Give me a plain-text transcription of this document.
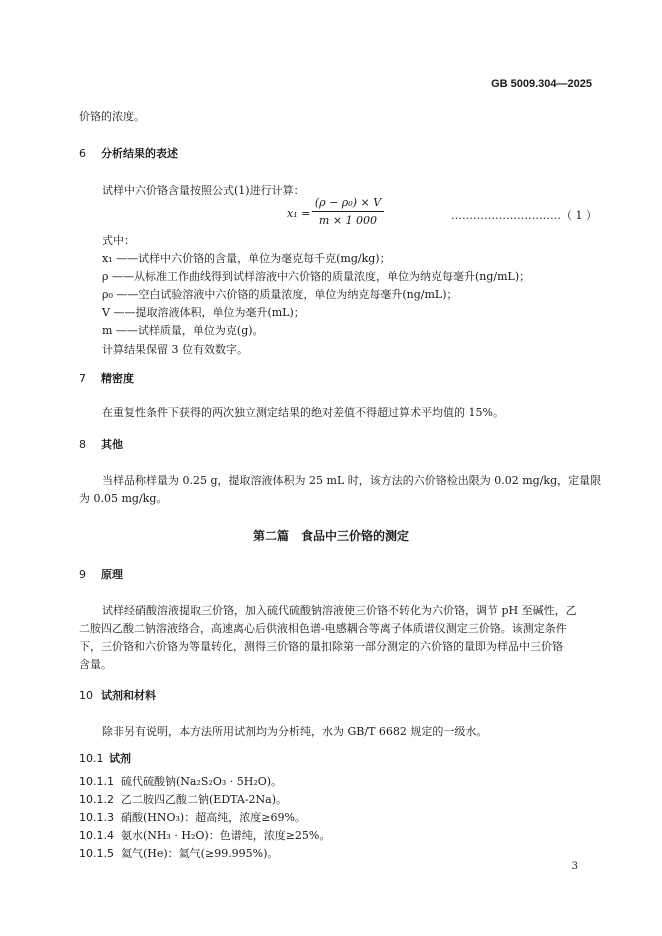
GB 5009.304—2025
价铬的浓度。
6 分析结果的表述
试样中六价铬含量按照公式(1)进行计算：
x₁ =
(ρ − ρ₀) × V
m × 1 000	…………………………（ 1 ）
式中：
x₁ ——试样中六价铬的含量，单位为毫克每千克(mg/kg)；
ρ ——从标准工作曲线得到试样溶液中六价铬的质量浓度，单位为纳克每毫升(ng/mL)；
ρ₀ ——空白试验溶液中六价铬的质量浓度，单位为纳克每毫升(ng/mL)；
V ——提取溶液体积，单位为毫升(mL)；
m ——试样质量，单位为克(g)。
计算结果保留 3 位有效数字。
7 精密度
在重复性条件下获得的两次独立测定结果的绝对差值不得超过算术平均值的 15%。
8 其他
当样品称样量为 0.25 g，提取溶液体积为 25 mL 时，该方法的六价铬检出限为 0.02 mg/kg，定量限
为 0.05 mg/kg。
第二篇　食品中三价铬的测定
9 原理
试样经硝酸溶液提取三价铬，加入硫代硫酸钠溶液使三价铬不转化为六价铬，调节 pH 至碱性，乙
二胺四乙酸二钠溶液络合，高速离心后供液相色谱-电感耦合等离子体质谱仪测定三价铬。该测定条件
下，三价铬和六价铬为等量转化，测得三价铬的量扣除第一部分测定的六价铬的量即为样品中三价铬
含量。
10 试剂和材料
除非另有说明，本方法所用试剂均为分析纯，水为 GB/T 6682 规定的一级水。
10.1 试剂
10.1.1 硫代硫酸钠(Na₂S₂O₃ · 5H₂O)。
10.1.2 乙二胺四乙酸二钠(EDTA-2Na)。
10.1.3 硝酸(HNO₃)：超高纯，浓度≥69%。
10.1.4 氨水(NH₃ · H₂O)：色谱纯，浓度≥25%。
10.1.5 氦气(He)：氦气(≥99.995%)。
3
